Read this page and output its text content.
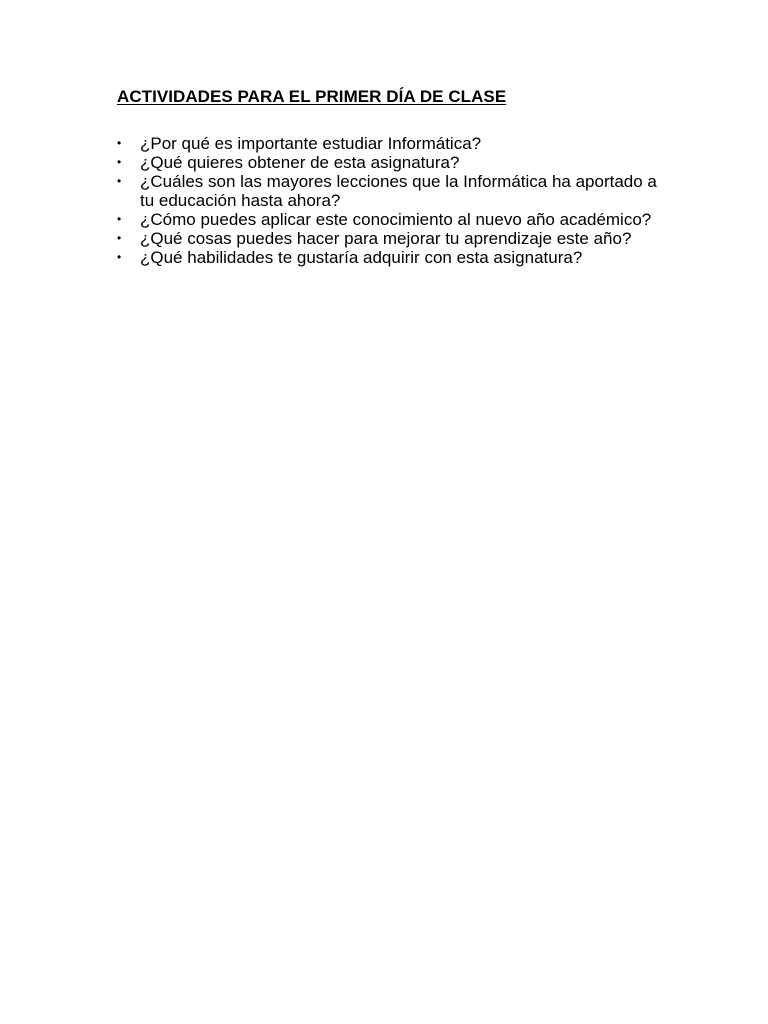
ACTIVIDADES PARA EL PRIMER DÍA DE CLASE
•	¿Por qué es importante estudiar Informática?
•	¿Qué quieres obtener de esta asignatura?
•	¿Cuáles son las mayores lecciones que la Informática ha aportado a tu educación hasta ahora?
•	¿Cómo puedes aplicar este conocimiento al nuevo año académico?
•	¿Qué cosas puedes hacer para mejorar tu aprendizaje este año?
•	¿Qué habilidades te gustaría adquirir con esta asignatura?
